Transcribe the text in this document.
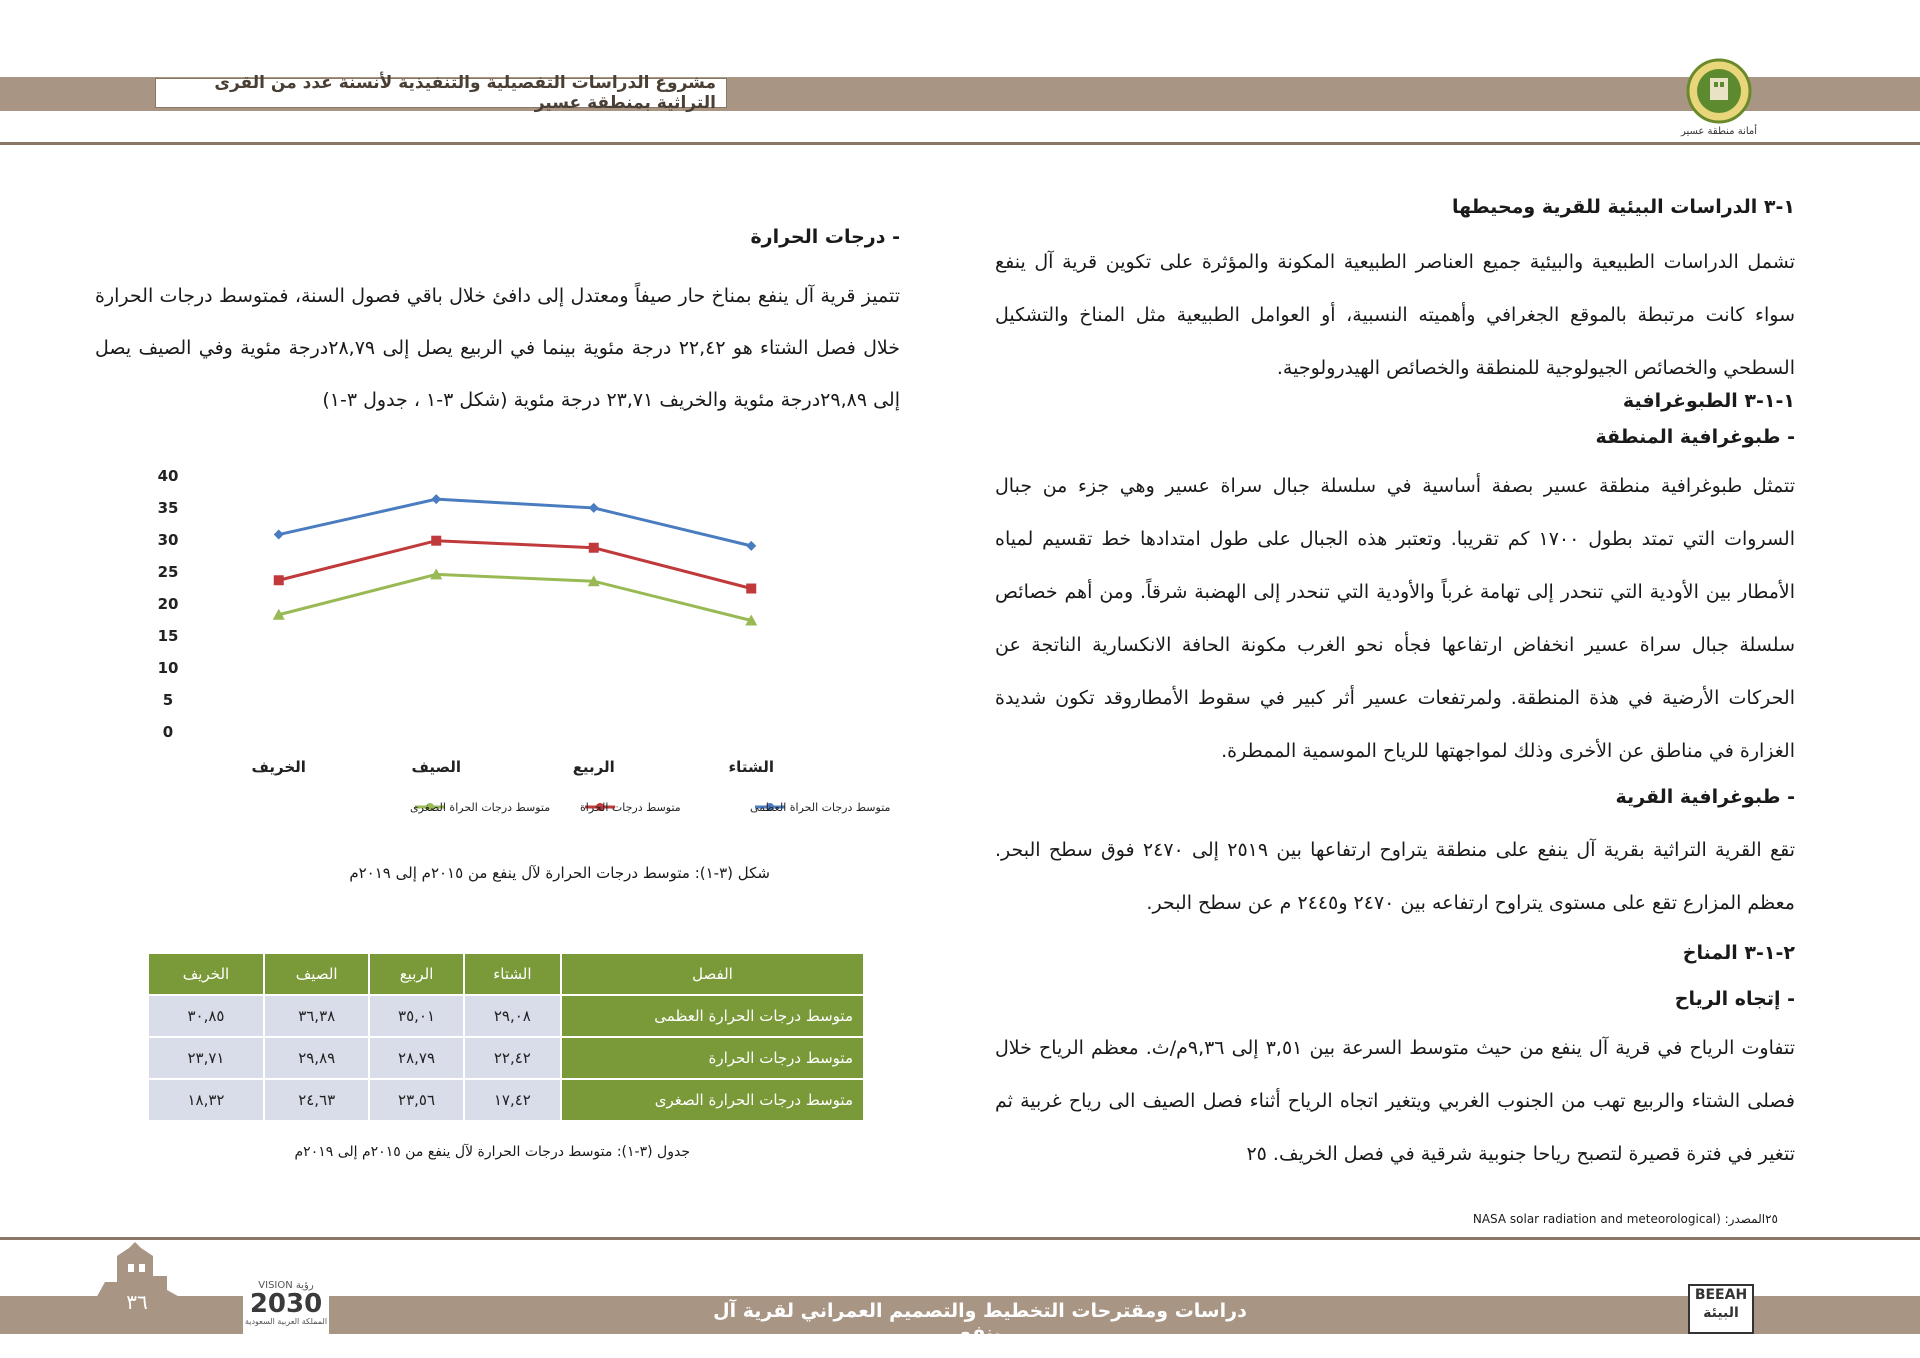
مشروع الدراسات التفصيلية والتنفيذية لأنسنة عدد من القرى التراثية بمنطقة عسير
أمانة منطقة عسير
١-٣ الدراسات البيئية للقرية ومحيطها
تشمل الدراسات الطبيعية والبيئية جميع العناصر الطبيعية المكونة والمؤثرة على تكوين قرية آل ينفع سواء كانت مرتبطة بالموقع الجغرافي وأهميته النسبية، أو العوامل الطبيعية مثل المناخ والتشكيل السطحي والخصائص الجيولوجية للمنطقة والخصائص الهيدرولوجية.
١-١-٣ الطبوغرافية
- طبوغرافية المنطقة
تتمثل طبوغرافية منطقة عسير بصفة أساسية في سلسلة جبال سراة عسير وهي جزء من جبال السروات التي تمتد بطول ١٧٠٠ كم تقريبا. وتعتبر هذه الجبال على طول امتدادها خط تقسيم لمياه الأمطار بين الأودية التي تنحدر إلى تهامة غرباً والأودية التي تنحدر إلى الهضبة شرقاً. ومن أهم خصائص سلسلة جبال سراة عسير انخفاض ارتفاعها فجأه نحو الغرب مكونة الحافة الانكسارية الناتجة عن الحركات الأرضية في هذة المنطقة. ولمرتفعات عسير أثر كبير في سقوط الأمطاروقد تكون شديدة الغزارة في مناطق عن الأخرى وذلك لمواجهتها للرياح الموسمية الممطرة.
- طبوغرافية القرية
تقع القرية التراثية بقرية آل ينفع على منطقة يتراوح ارتفاعها بين ٢٥١٩ إلى ٢٤٧٠ فوق سطح البحر. معظم المزارع تقع على مستوى يتراوح ارتفاعه بين ٢٤٧٠ و٢٤٤٥ م عن سطح البحر.
٢-١-٣ المناخ
- إتجاه الرياح
تتفاوت الرياح في قرية آل ينفع من حيث متوسط السرعة بين ٣,٥١ إلى ٩,٣٦م/ث. معظم الرياح خلال فصلى الشتاء والربيع تهب من الجنوب الغربي ويتغير اتجاه الرياح أثناء فصل الصيف الى رياح غربية ثم تتغير في فترة قصيرة لتصبح رياحا جنوبية شرقية في فصل الخريف. ٢٥
٢٥المصدر: (NASA solar radiation and meteorological
- درجات الحرارة
تتميز قرية آل ينفع بمناخ حار صيفاً ومعتدل إلى دافئ خلال باقي فصول السنة، فمتوسط درجات الحرارة خلال فصل الشتاء هو ٢٢,٤٢ درجة مئوية بينما في الربيع يصل إلى ٢٨,٧٩درجة مئوية وفي الصيف يصل إلى ٢٩,٨٩درجة مئوية والخريف ٢٣,٧١ درجة مئوية (شكل ٣-١ ، جدول ٣-١)
0
5
10
15
20
25
30
35
40
الشتاء
الربيع
الصيف
الخريف
متوسط درجات الحراة العظمى
متوسط درجات الحراة
متوسط درجات الحراة الصغرى
شكل (٣-١): متوسط درجات الحرارة لآل ينفع من ٢٠١٥م إلى ٢٠١٩م
الفصل	الشتاء	الربيع	الصيف	الخريف
متوسط درجات الحرارة العظمى	٢٩,٠٨	٣٥,٠١	٣٦,٣٨	٣٠,٨٥
متوسط درجات الحرارة	٢٢,٤٢	٢٨,٧٩	٢٩,٨٩	٢٣,٧١
متوسط درجات الحرارة الصغرى	١٧,٤٢	٢٣,٥٦	٢٤,٦٣	١٨,٣٢
جدول (٣-١): متوسط درجات الحرارة لآل ينفع من ٢٠١٥م إلى ٢٠١٩م
٣٦
VISION رؤية
2030
المملكة العربية السعودية	دراسات ومقترحات التخطيط والتصميم العمراني لقرية آل ينفع
BEEAH
البيئة
